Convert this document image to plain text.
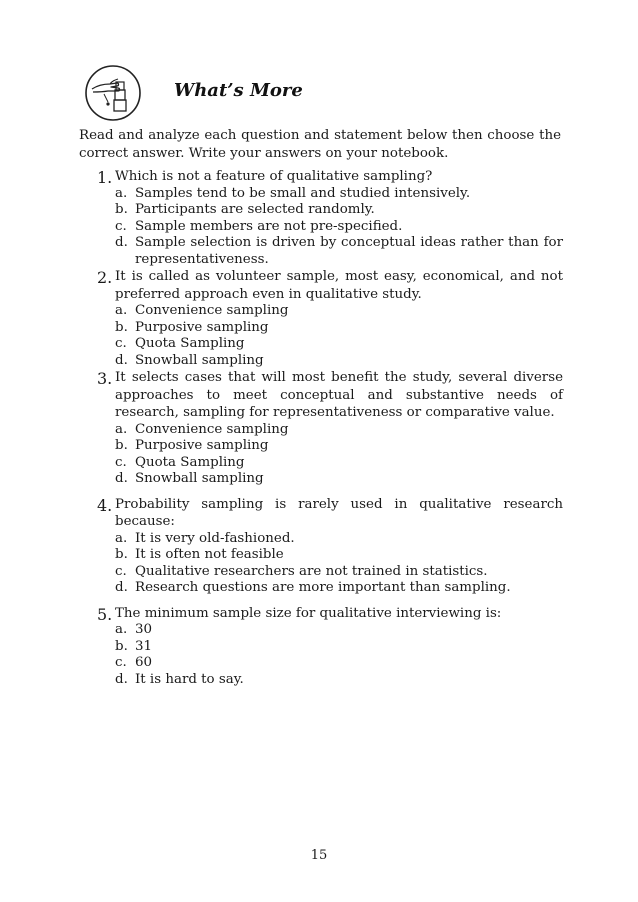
What’s More

Read and analyze each question and statement below then choose the correct answer. Write your answers on your notebook.

1. Which is not a feature of qualitative sampling?
a. Samples tend to be small and studied intensively.
b. Participants are selected randomly.
c. Sample members are not pre-specified.
d. Sample selection is driven by conceptual ideas rather than for representativeness.
2. It is called as volunteer sample, most easy, economical, and not preferred approach even in qualitative study.
a. Convenience sampling
b. Purposive sampling
c. Quota Sampling
d. Snowball sampling
3. It selects cases that will most benefit the study, several diverse approaches to meet conceptual and substantive needs of research, sampling for representativeness or comparative value.
a. Convenience sampling
b. Purposive sampling
c. Quota Sampling
d. Snowball sampling
4. Probability sampling is rarely used in qualitative research because:
a. It is very old-fashioned.
b. It is often not feasible
c. Qualitative researchers are not trained in statistics.
d. Research questions are more important than sampling.
5. The minimum sample size for qualitative interviewing is:
a. 30
b. 31
c. 60
d. It is hard to say.
15
